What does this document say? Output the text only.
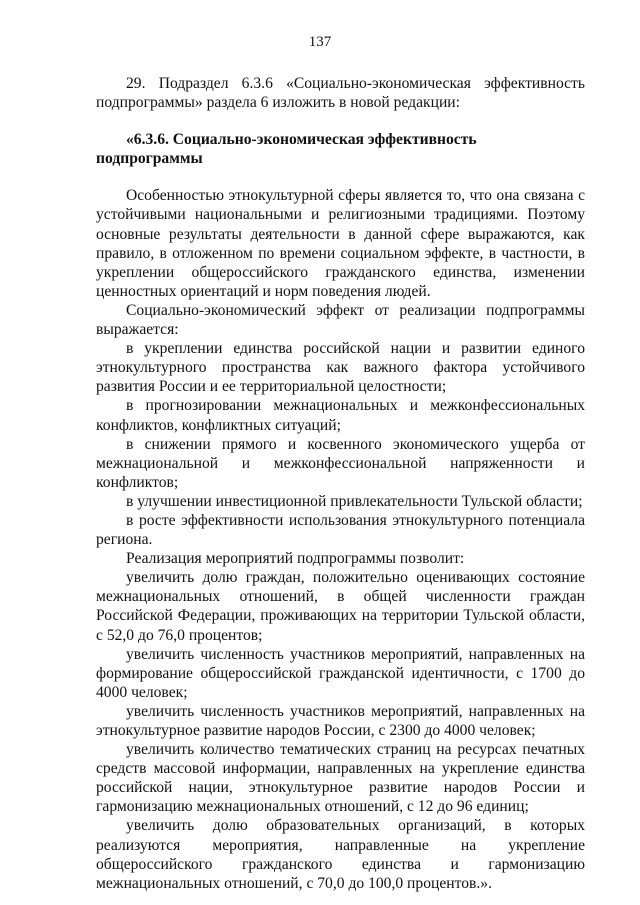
137

29. Подраздел 6.3.6 «Социально-экономическая эффективность подпрограммы» раздела 6 изложить в новой редакции:

«6.3.6. Социально-экономическая эффективность подпрограммы

Особенностью этнокультурной сферы является то, что она связана с устойчивыми национальными и религиозными традициями. Поэтому основные результаты деятельности в данной сфере выражаются, как правило, в отложенном по времени социальном эффекте, в частности, в укреплении общероссийского гражданского единства, изменении ценностных ориентаций и норм поведения людей.

Социально-экономический эффект от реализации подпрограммы выражается:

в укреплении единства российской нации и развитии единого этнокультурного пространства как важного фактора устойчивого развития России и ее территориальной целостности;

в прогнозировании межнациональных и межконфессиональных конфликтов, конфликтных ситуаций;

в снижении прямого и косвенного экономического ущерба от межнациональной и межконфессиональной напряженности и конфликтов;

в улучшении инвестиционной привлекательности Тульской области;

в росте эффективности использования этнокультурного потенциала региона.

Реализация мероприятий подпрограммы позволит:

увеличить долю граждан, положительно оценивающих состояние межнациональных отношений, в общей численности граждан Российской Федерации, проживающих на территории Тульской области, с 52,0 до 76,0 процентов;

увеличить численность участников мероприятий, направленных на формирование общероссийской гражданской идентичности, с 1700 до 4000 человек;

увеличить численность участников мероприятий, направленных на этнокультурное развитие народов России, с 2300 до 4000 человек;

увеличить количество тематических страниц на ресурсах печатных средств массовой информации, направленных на укрепление единства российской нации, этнокультурное развитие народов России и гармонизацию межнациональных отношений, с 12 до 96 единиц;

увеличить долю образовательных организаций, в которых реализуются мероприятия, направленные на укрепление общероссийского гражданского единства и гармонизацию межнациональных отношений, с 70,0 до 100,0 процентов.».
